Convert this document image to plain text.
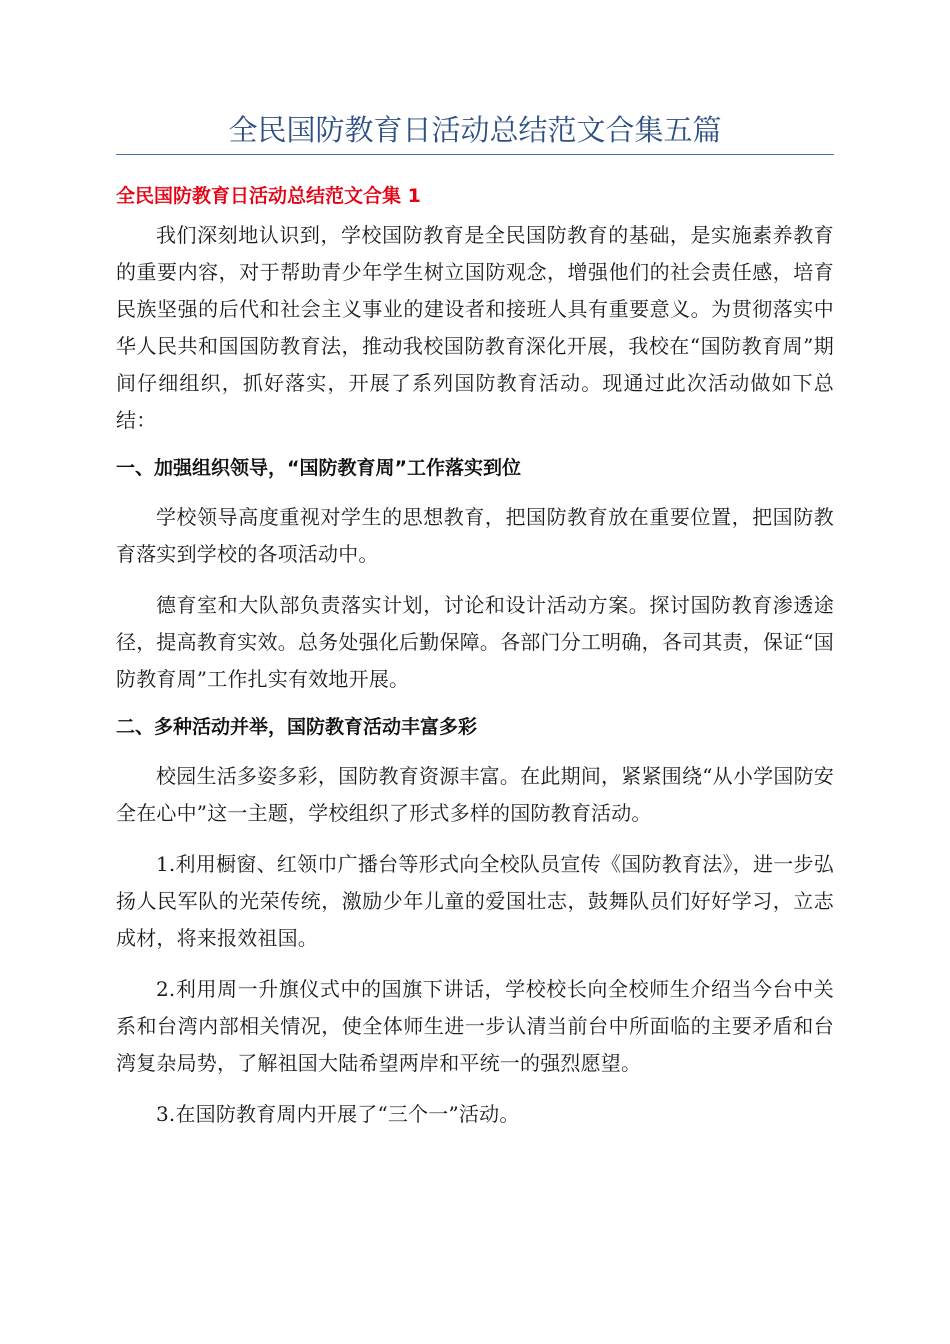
全民国防教育日活动总结范文合集五篇

全民国防教育日活动总结范文合集 1

我们深刻地认识到，学校国防教育是全民国防教育的基础，是实施素养教育的重要内容，对于帮助青少年学生树立国防观念，增强他们的社会责任感，培育民族坚强的后代和社会主义事业的建设者和接班人具有重要意义。为贯彻落实中华人民共和国国防教育法，推动我校国防教育深化开展，我校在“国防教育周”期间仔细组织，抓好落实，开展了系列国防教育活动。现通过此次活动做如下总结：

一、加强组织领导，“国防教育周”工作落实到位

学校领导高度重视对学生的思想教育，把国防教育放在重要位置，把国防教育落实到学校的各项活动中。

德育室和大队部负责落实计划，讨论和设计活动方案。探讨国防教育渗透途径，提高教育实效。总务处强化后勤保障。各部门分工明确，各司其责，保证“国防教育周”工作扎实有效地开展。

二、多种活动并举，国防教育活动丰富多彩

校园生活多姿多彩，国防教育资源丰富。在此期间，紧紧围绕“从小学国防安全在心中”这一主题，学校组织了形式多样的国防教育活动。

1.利用橱窗、红领巾广播台等形式向全校队员宣传《国防教育法》，进一步弘扬人民军队的光荣传统，激励少年儿童的爱国壮志，鼓舞队员们好好学习，立志成材，将来报效祖国。

2.利用周一升旗仪式中的国旗下讲话，学校校长向全校师生介绍当今台中关系和台湾内部相关情况，使全体师生进一步认清当前台中所面临的主要矛盾和台湾复杂局势，了解祖国大陆希望两岸和平统一的强烈愿望。

3.在国防教育周内开展了“三个一”活动。
